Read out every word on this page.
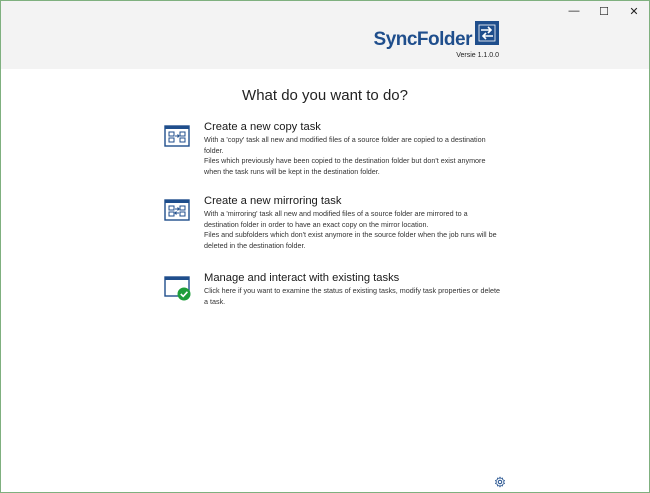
—	☐	✕
SyncFolder
Versie 1.1.0.0
What do you want to do?
Create a new copy task
With a 'copy' task all new and modified files of a source folder are copied to a destination folder.
Files which previously have been copied to the destination folder but don't exist anymore when the task runs will be kept in the destination folder.
Create a new mirroring task
With a 'mirroring' task all new and modified files of a source folder are mirrored to a destination folder in order to have an exact copy on the mirror location.
Files and subfolders which don't exist anymore in the source folder when the job runs will be deleted in the destination folder.
Manage and interact with existing tasks
Click here if you want to examine the status of existing tasks, modify task properties or delete a task.
